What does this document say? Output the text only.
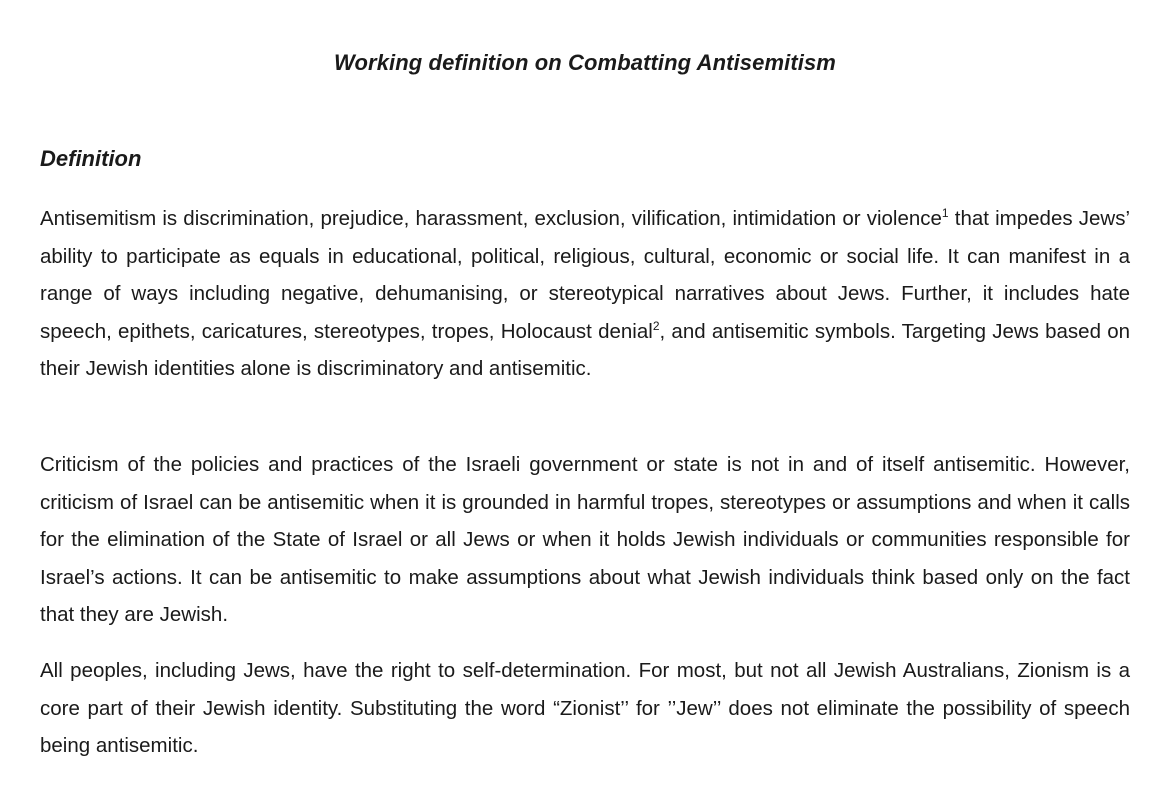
Working definition on Combatting Antisemitism
Definition

Antisemitism is discrimination, prejudice, harassment, exclusion, vilification, intimidation or violence$^1$ that impedes Jews’ ability to participate as equals in educational, political, religious, cultural, economic or social life. It can manifest in a range of ways including negative, dehumanising, or stereotypical narratives about Jews. Further, it includes hate speech, epithets, caricatures, stereotypes, tropes, Holocaust denial$^2$, and antisemitic symbols. Targeting Jews based on their Jewish identities alone is discriminatory and antisemitic.

Criticism of the policies and practices of the Israeli government or state is not in and of itself antisemitic. However, criticism of Israel can be antisemitic when it is grounded in harmful tropes, stereotypes or assumptions and when it calls for the elimination of the State of Israel or all Jews or when it holds Jewish individuals or communities responsible for Israel’s actions. It can be antisemitic to make assumptions about what Jewish individuals think based only on the fact that they are Jewish.

All peoples, including Jews, have the right to self-determination. For most, but not all Jewish Australians, Zionism is a core part of their Jewish identity. Substituting the word “Zionist’’ for ’’Jew’’ does not eliminate the possibility of speech being antisemitic.
